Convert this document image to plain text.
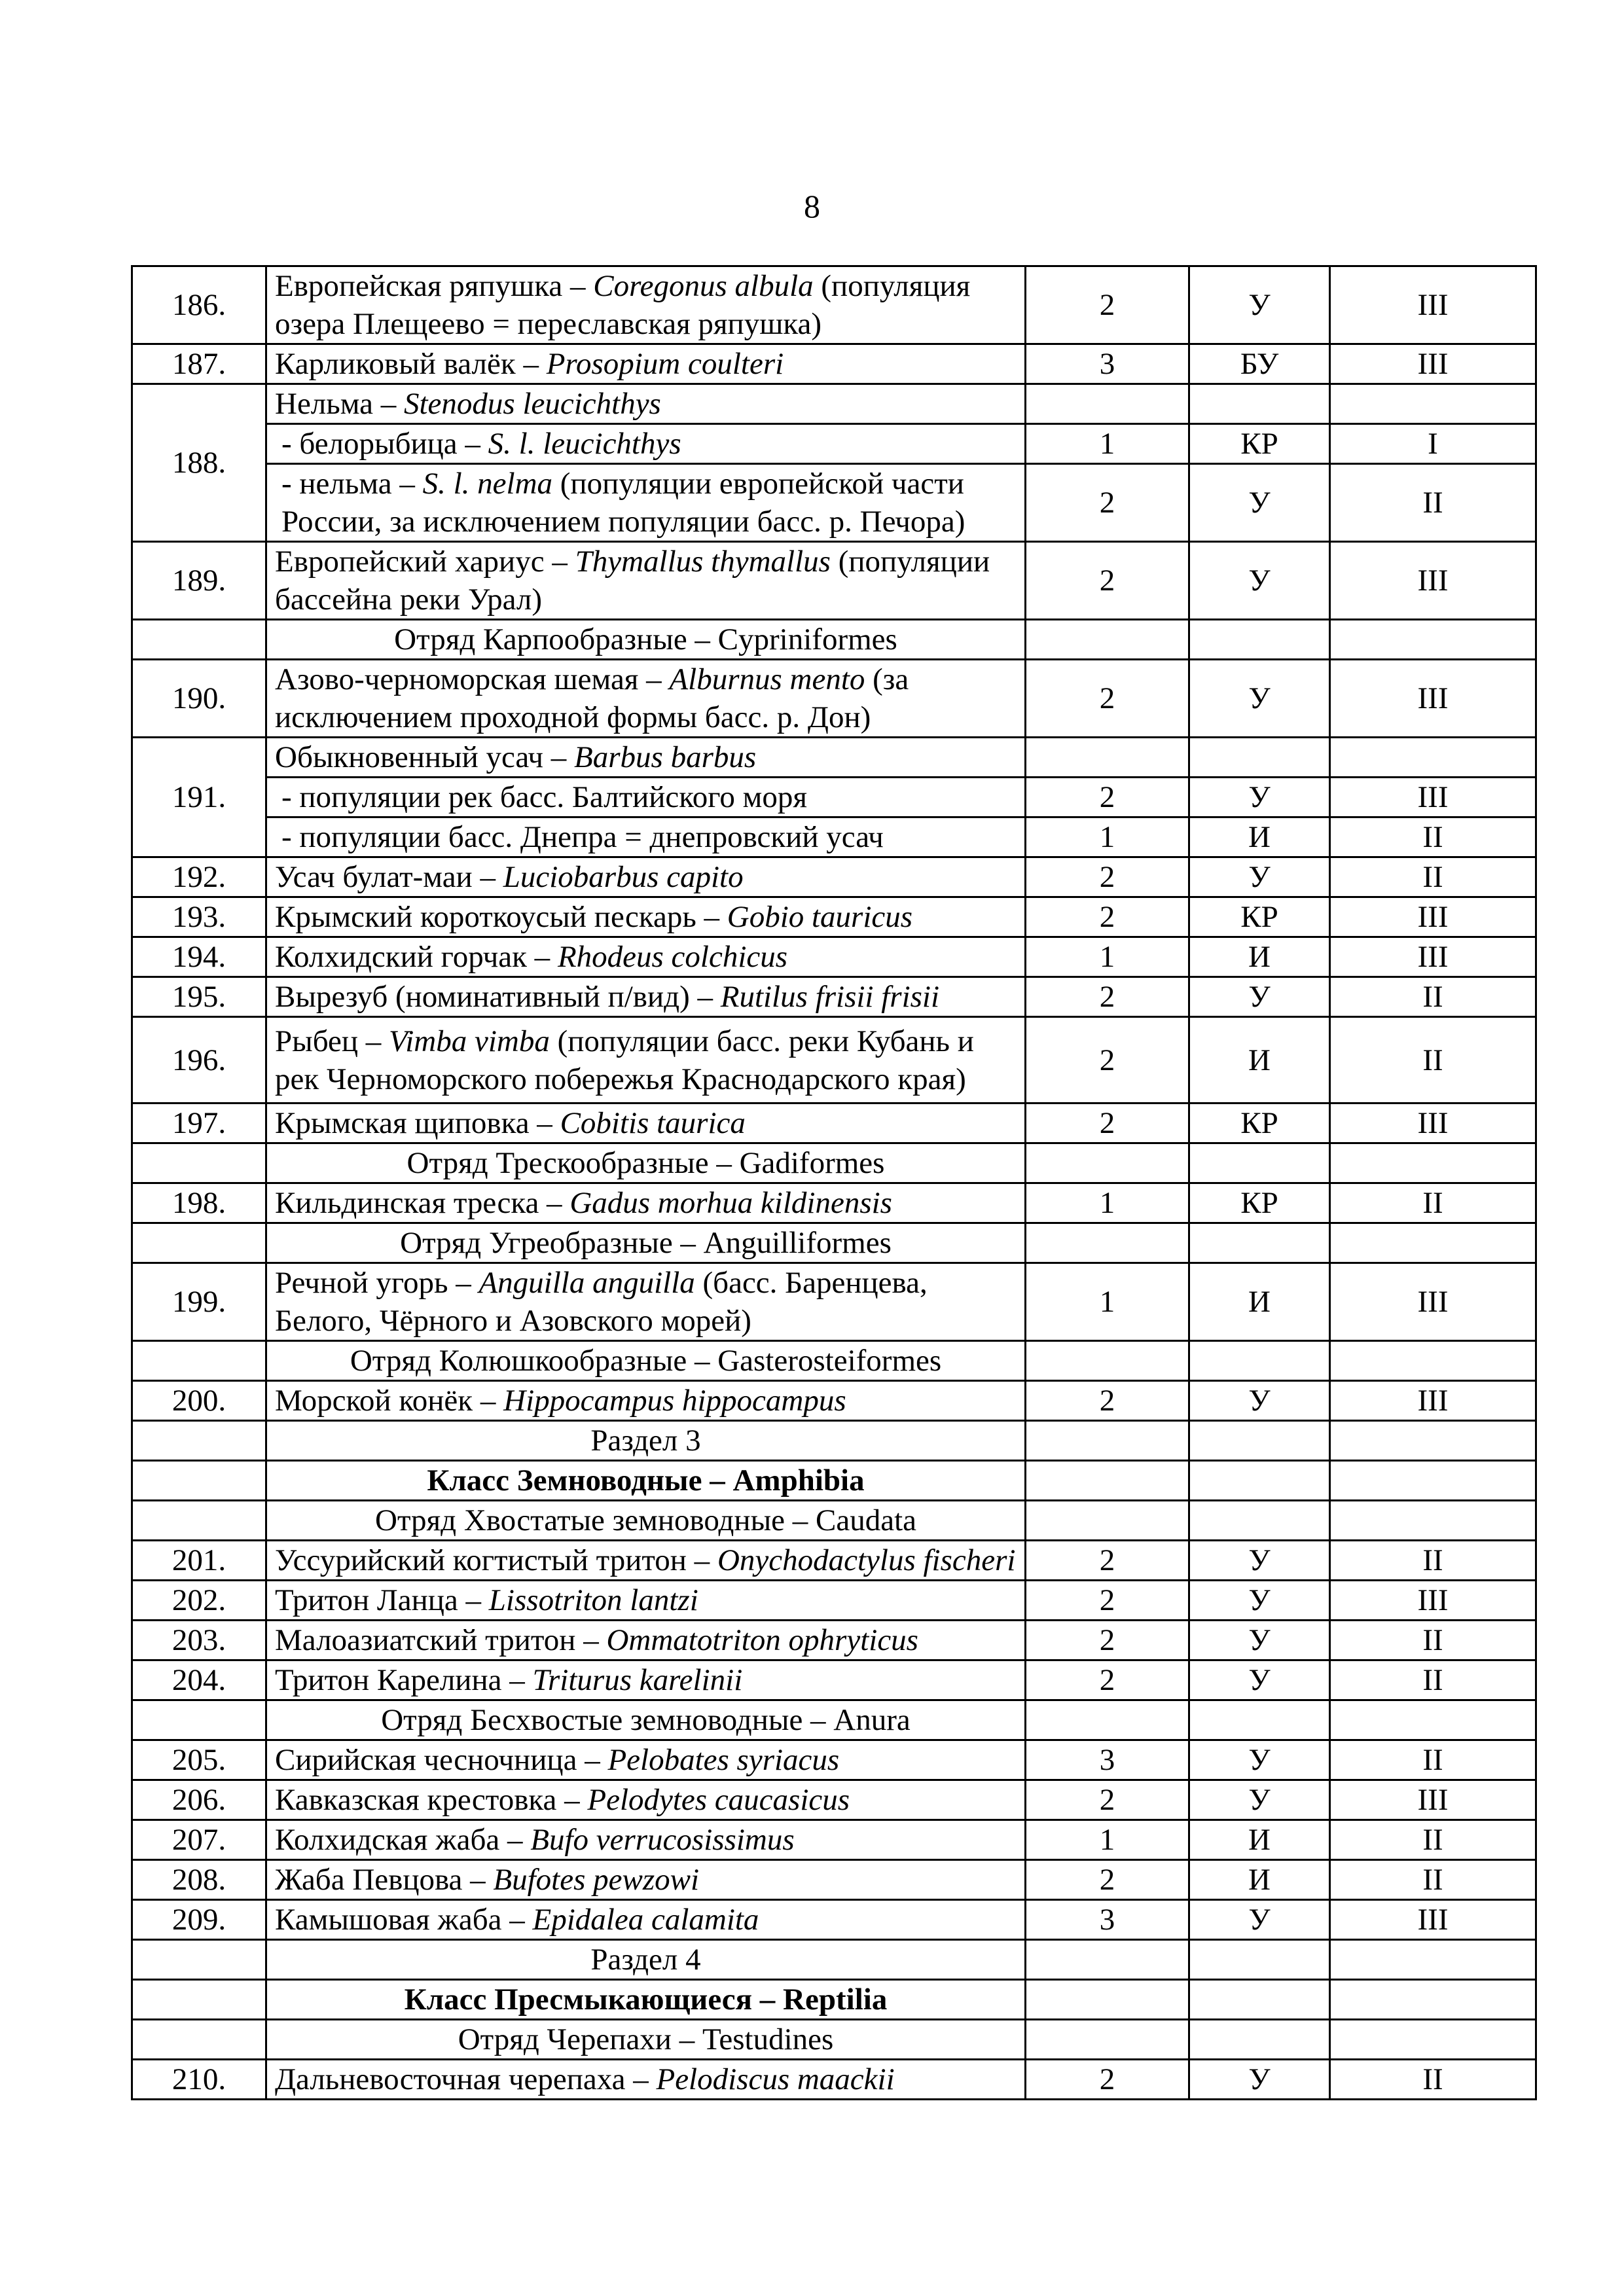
8
186.	Европейская ряпушка – Coregonus albula (популяция озера Плещеево = переславская ряпушка)	2	У	III
187.	Карликовый валёк – Prosopium coulteri	3	БУ	III
188.	Нельма – Stenodus leucichthys			
	- белорыбица – S. l. leucichthys	1	КР	I
	- нельма – S. l. nelma (популяции европейской части России, за исключением популяции басс. р. Печора)	2	У	II
189.	Европейский хариус – Thymallus thymallus (популяции бассейна реки Урал)	2	У	III
	Отряд Карпообразные – Cypriniformes			
190.	Азово-черноморская шемая – Alburnus mento (за исключением проходной формы басс. р. Дон)	2	У	III
191.	Обыкновенный усач – Barbus barbus			
	- популяции рек басс. Балтийского моря	2	У	III
	- популяции басс. Днепра = днепровский усач	1	И	II
192.	Усач булат-маи – Luciobarbus capito	2	У	II
193.	Крымский короткоусый пескарь – Gobio tauricus	2	КР	III
194.	Колхидский горчак – Rhodeus colchicus	1	И	III
195.	Вырезуб (номинативный п/вид) – Rutilus frisii frisii	2	У	II
196.	Рыбец – Vimba vimba (популяции басс. реки Кубань и рек Черноморского побережья Краснодарского края)	2	И	II
197.	Крымская щиповка – Cobitis taurica	2	КР	III
	Отряд Трескообразные – Gadiformes			
198.	Кильдинская треска – Gadus morhua kildinensis	1	КР	II
	Отряд Угреобразные – Anguilliformes			
199.	Речной угорь – Anguilla anguilla (басс. Баренцева, Белого, Чёрного и Азовского морей)	1	И	III
	Отряд Колюшкообразные – Gasterosteiformes			
200.	Морской конёк – Hippocampus hippocampus	2	У	III
	Раздел 3			
	Класс Земноводные – Amphibia			
	Отряд Хвостатые земноводные – Caudata			
201.	Уссурийский когтистый тритон – Onychodactylus fischeri	2	У	II
202.	Тритон Ланца – Lissotriton lantzi	2	У	III
203.	Малоазиатский тритон – Ommatotriton ophryticus	2	У	II
204.	Тритон Карелина – Triturus karelinii	2	У	II
	Отряд Бесхвостые земноводные – Anura			
205.	Сирийская чесночница – Pelobates syriacus	3	У	II
206.	Кавказская крестовка – Pelodytes caucasicus	2	У	III
207.	Колхидская жаба – Bufo verrucosissimus	1	И	II
208.	Жаба Певцова – Bufotes pewzowi	2	И	II
209.	Камышовая жаба – Epidalea calamita	3	У	III
	Раздел 4			
	Класс Пресмыкающиеся – Reptilia			
	Отряд Черепахи – Testudines			
210.	Дальневосточная черепаха – Pelodiscus maackii	2	У	II
